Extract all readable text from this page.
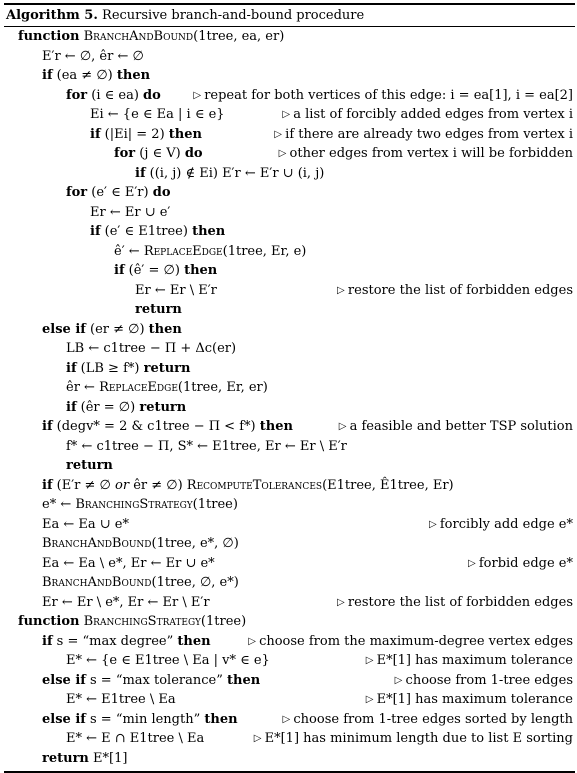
Algorithm 5. Recursive branch-and-bound procedure
function BranchAndBound(1tree, ea, er)
E′r ← ∅, êr ← ∅
if (ea ≠ ∅) then
for (i ∈ ea) do	▷ repeat for both vertices of this edge: i = ea[1], i = ea[2]
Ei ← {e ∈ Ea | i ∈ e}	▷ a list of forcibly added edges from vertex i
if (|Ei| = 2) then	▷ if there are already two edges from vertex i
for (j ∈ V) do	▷ other edges from vertex i will be forbidden
if ((i, j) ∉ Ei) E′r ← E′r ∪ (i, j)
for (e′ ∈ E′r) do
Er ← Er ∪ e′
if (e′ ∈ E1tree) then
ê′ ← ReplaceEdge(1tree, Er, e)
if (ê′ = ∅) then
Er ← Er \ E′r	▷ restore the list of forbidden edges
return
else if (er ≠ ∅) then
LB ← c1tree − Π + Δc(er)
if (LB ≥ f*) return
êr ← ReplaceEdge(1tree, Er, er)
if (êr = ∅) return
if (degv* = 2 & c1tree − Π < f*) then	▷ a feasible and better TSP solution
f* ← c1tree − Π, S* ← E1tree, Er ← Er \ E′r
return
if (E′r ≠ ∅ or êr ≠ ∅) RecomputeTolerances(E1tree, Ê1tree, Er)
e* ← BranchingStrategy(1tree)
Ea ← Ea ∪ e*	▷ forcibly add edge e*
BranchAndBound(1tree, e*, ∅)
Ea ← Ea \ e*, Er ← Er ∪ e*	▷ forbid edge e*
BranchAndBound(1tree, ∅, e*)
Er ← Er \ e*, Er ← Er \ E′r	▷ restore the list of forbidden edges
function BranchingStrategy(1tree)
if s = “max degree” then	▷ choose from the maximum-degree vertex edges
E* ← {e ∈ E1tree \ Ea | v* ∈ e}	▷ E*[1] has maximum tolerance
else if s = “max tolerance” then	▷ choose from 1-tree edges
E* ← E1tree \ Ea	▷ E*[1] has maximum tolerance
else if s = “min length” then	▷ choose from 1-tree edges sorted by length
E* ← E ∩ E1tree \ Ea	▷ E*[1] has minimum length due to list E sorting
return E*[1]
